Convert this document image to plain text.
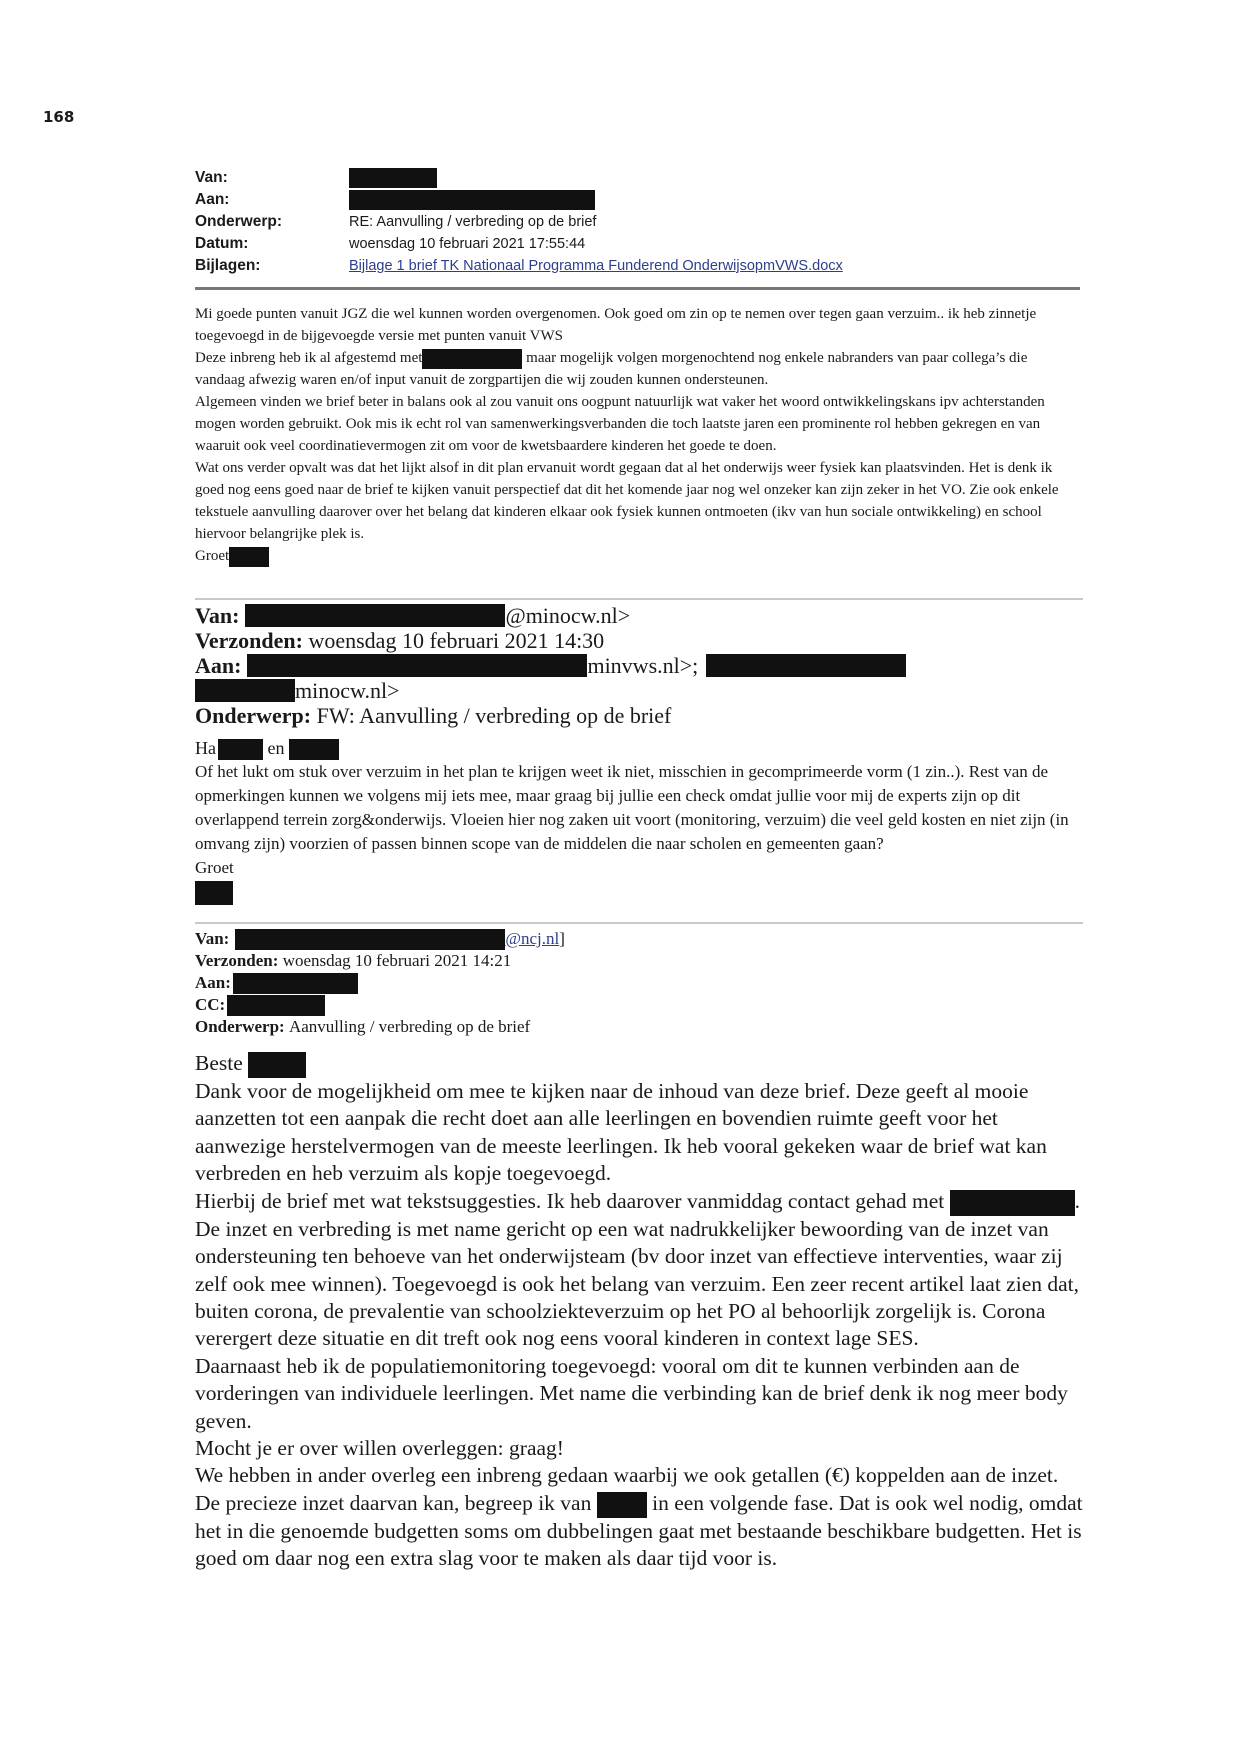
168
Van:
Aan:
Onderwerp:	RE: Aanvulling / verbreding op de brief
Datum:	woensdag 10 februari 2021 17:55:44
Bijlagen:	Bijlage 1 brief TK Nationaal Programma Funderend OnderwijsopmVWS.docx

Mi goede punten vanuit JGZ die wel kunnen worden overgenomen. Ook goed om zin op te nemen over tegen gaan verzuim.. ik heb zinnetje toegevoegd in de bijgevoegde versie met punten vanuit VWS

Deze inbreng heb ik al afgestemd met	maar mogelijk volgen morgenochtend nog enkele nabranders van paar collega’s die vandaag afwezig waren en/of input vanuit de zorgpartijen die wij zouden kunnen ondersteunen.

Algemeen vinden we brief beter in balans ook al zou vanuit ons oogpunt natuurlijk wat vaker het woord ontwikkelingskans ipv achterstanden mogen worden gebruikt. Ook mis ik echt rol van samenwerkingsverbanden die toch laatste jaren een prominente rol hebben gekregen en van waaruit ook veel coordinatievermogen zit om voor de kwetsbaardere kinderen het goede te doen.

Wat ons verder opvalt was dat het lijkt alsof in dit plan ervanuit wordt gegaan dat al het onderwijs weer fysiek kan plaatsvinden. Het is denk ik goed nog eens goed naar de brief te kijken vanuit perspectief dat dit het komende jaar nog wel onzeker kan zijn zeker in het VO. Zie ook enkele tekstuele aanvulling daarover over het belang dat kinderen elkaar ook fysiek kunnen ontmoeten (ikv van hun sociale ontwikkeling) en school hiervoor belangrijke plek is.

Groet

Van:	@minocw.nl>
Verzonden:
woensdag 10 februari 2021 14:30
Aan:	minvws.nl>;
minocw.nl>
Onderwerp:
FW: Aanvulling / verbreding op de brief

Ha	en

Of het lukt om stuk over verzuim in het plan te krijgen weet ik niet, misschien in gecomprimeerde vorm (1 zin..). Rest van de opmerkingen kunnen we volgens mij iets mee, maar graag bij jullie een check omdat jullie voor mij de experts zijn op dit overlappend terrein zorg&onderwijs. Vloeien hier nog zaken uit voort (monitoring, verzuim) die veel geld kosten en niet zijn (in omvang zijn) voorzien of passen binnen scope van de middelen die naar scholen en gemeenten gaan?

Groet

Van:	@ncj.nl ]
Verzonden:
woensdag 10 februari 2021 14:21
Aan:
CC:
Onderwerp:
Aanvulling / verbreding op de brief

Beste

Dank voor de mogelijkheid om mee te kijken naar de inhoud van deze brief. Deze geeft al mooie aanzetten tot een aanpak die recht doet aan alle leerlingen en bovendien ruimte geeft voor het aanwezige herstelvermogen van de meeste leerlingen. Ik heb vooral gekeken waar de brief wat kan verbreden en heb verzuim als kopje toegevoegd.

Hierbij de brief met wat tekstsuggesties. Ik heb daarover vanmiddag contact gehad met	. De inzet en verbreding is met name gericht op een wat nadrukkelijker bewoording van de inzet van ondersteuning ten behoeve van het onderwijsteam (bv door inzet van effectieve interventies, waar zij zelf ook mee winnen). Toegevoegd is ook het belang van verzuim. Een zeer recent artikel laat zien dat, buiten corona, de prevalentie van schoolziekteverzuim op het PO al behoorlijk zorgelijk is. Corona verergert deze situatie en dit treft ook nog eens vooral kinderen in context lage SES.

Daarnaast heb ik de populatiemonitoring toegevoegd: vooral om dit te kunnen verbinden aan de vorderingen van individuele leerlingen. Met name die verbinding kan de brief denk ik nog meer body geven.

Mocht je er over willen overleggen: graag!

We hebben in ander overleg een inbreng gedaan waarbij we ook getallen (€) koppelden aan de inzet. De precieze inzet daarvan kan, begreep ik van	in een volgende fase. Dat is ook wel nodig, omdat het in die genoemde budgetten soms om dubbelingen gaat met bestaande beschikbare budgetten. Het is goed om daar nog een extra slag voor te maken als daar tijd voor is.
